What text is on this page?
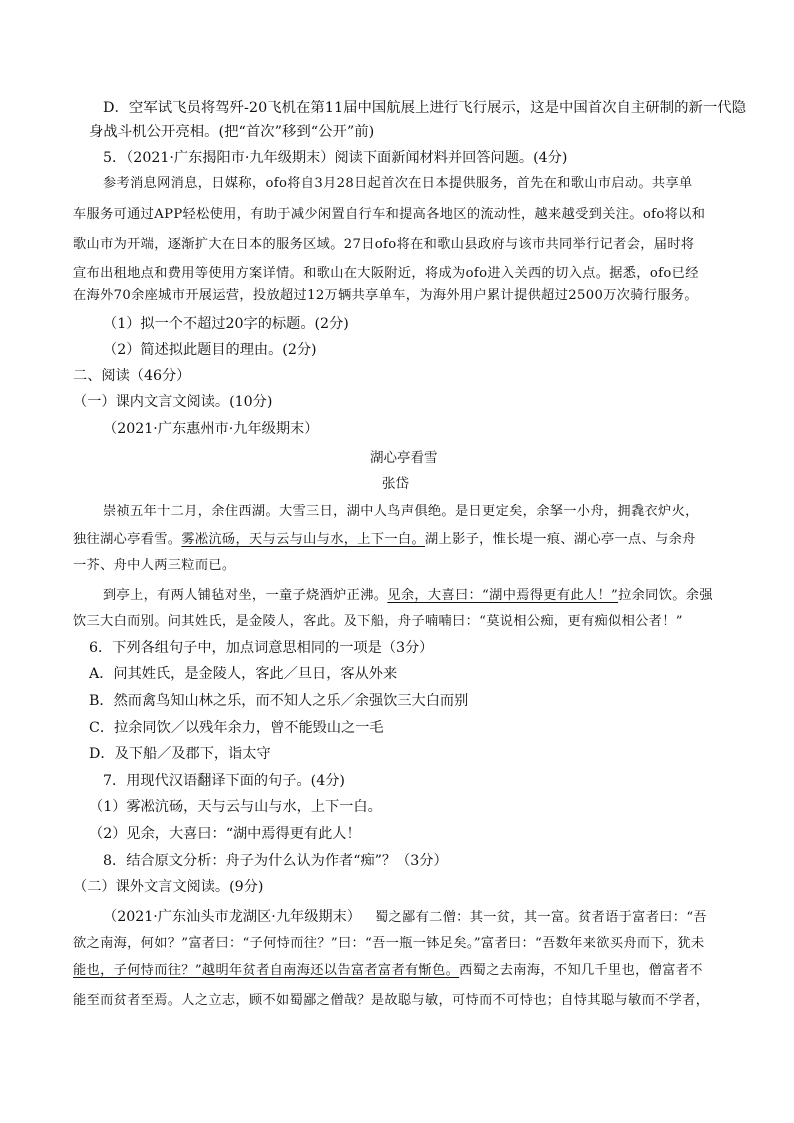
D．空军试飞员将驾歼-20飞机在第11届中国航展上进行飞行展示，这是中国首次自主研制的新一代隐
身战斗机公开亮相。(把“首次”移到“公开”前)
5．（2021·广东揭阳市·九年级期末）阅读下面新闻材料并回答问题。(4分)
参考消息网消息，日媒称，ofo将自3月28日起首次在日本提供服务，首先在和歌山市启动。共享单
车服务可通过APP轻松使用，有助于减少闲置自行车和提高各地区的流动性，越来越受到关注。ofo将以和
歌山市为开端，逐渐扩大在日本的服务区域。27日ofo将在和歌山县政府与该市共同举行记者会，届时将
宣布出租地点和费用等使用方案详情。和歌山在大阪附近，将成为ofo进入关西的切入点。据悉，ofo已经
在海外70余座城市开展运营，投放超过12万辆共享单车，为海外用户累计提供超过2500万次骑行服务。
（1）拟一个不超过20字的标题。(2分)
（2）简述拟此题目的理由。(2分)
二、阅读（46分）
（一）课内文言文阅读。(10分)
（2021·广东惠州市·九年级期末）
湖心亭看雪
张岱
崇祯五年十二月，余住西湖。大雪三日，湖中人鸟声俱绝。是日更定矣，余拏一小舟，拥毳衣炉火，
独往湖心亭看雪。雾凇沆砀，天与云与山与水，上下一白。湖上影子，惟长堤一痕、湖心亭一点、与余舟
一芥、舟中人两三粒而已。
到亭上，有两人铺毡对坐，一童子烧酒炉正沸。见余，大喜曰：“湖中焉得更有此人！”拉余同饮。余强
饮三大白而别。问其姓氏，是金陵人，客此。及下船，舟子喃喃曰：“莫说相公痴，更有痴似相公者！”
6．下列各组句子中，加点词意思相同的一项是（3分）
A．问其姓氏，是金陵人，客此／旦日，客从外来
B．然而禽鸟知山林之乐，而不知人之乐／余强饮三大白而别
C．拉余同饮／以残年余力，曾不能毁山之一毛
D．及下船／及郡下，诣太守
7．用现代汉语翻译下面的句子。(4分)
（1）雾凇沆砀，天与云与山与水，上下一白。
（2）见余，大喜曰：“湖中焉得更有此人！
8．结合原文分析：舟子为什么认为作者“痴”？（3分）
（二）课外文言文阅读。(9分)
（2021·广东汕头市龙湖区·九年级期末） 蜀之鄙有二僧：其一贫，其一富。贫者语于富者曰：“吾
欲之南海，何如？”富者曰：“子何恃而往？”曰：“吾一瓶一钵足矣。”富者曰：“吾数年来欲买舟而下，犹未
能也，子何恃而往？”越明年贫者自南海还以告富者富者有惭色。西蜀之去南海，不知几千里也，僧富者不
能至而贫者至焉。人之立志，顾不如蜀鄙之僧哉？是故聪与敏，可恃而不可恃也；自恃其聪与敏而不学者，
